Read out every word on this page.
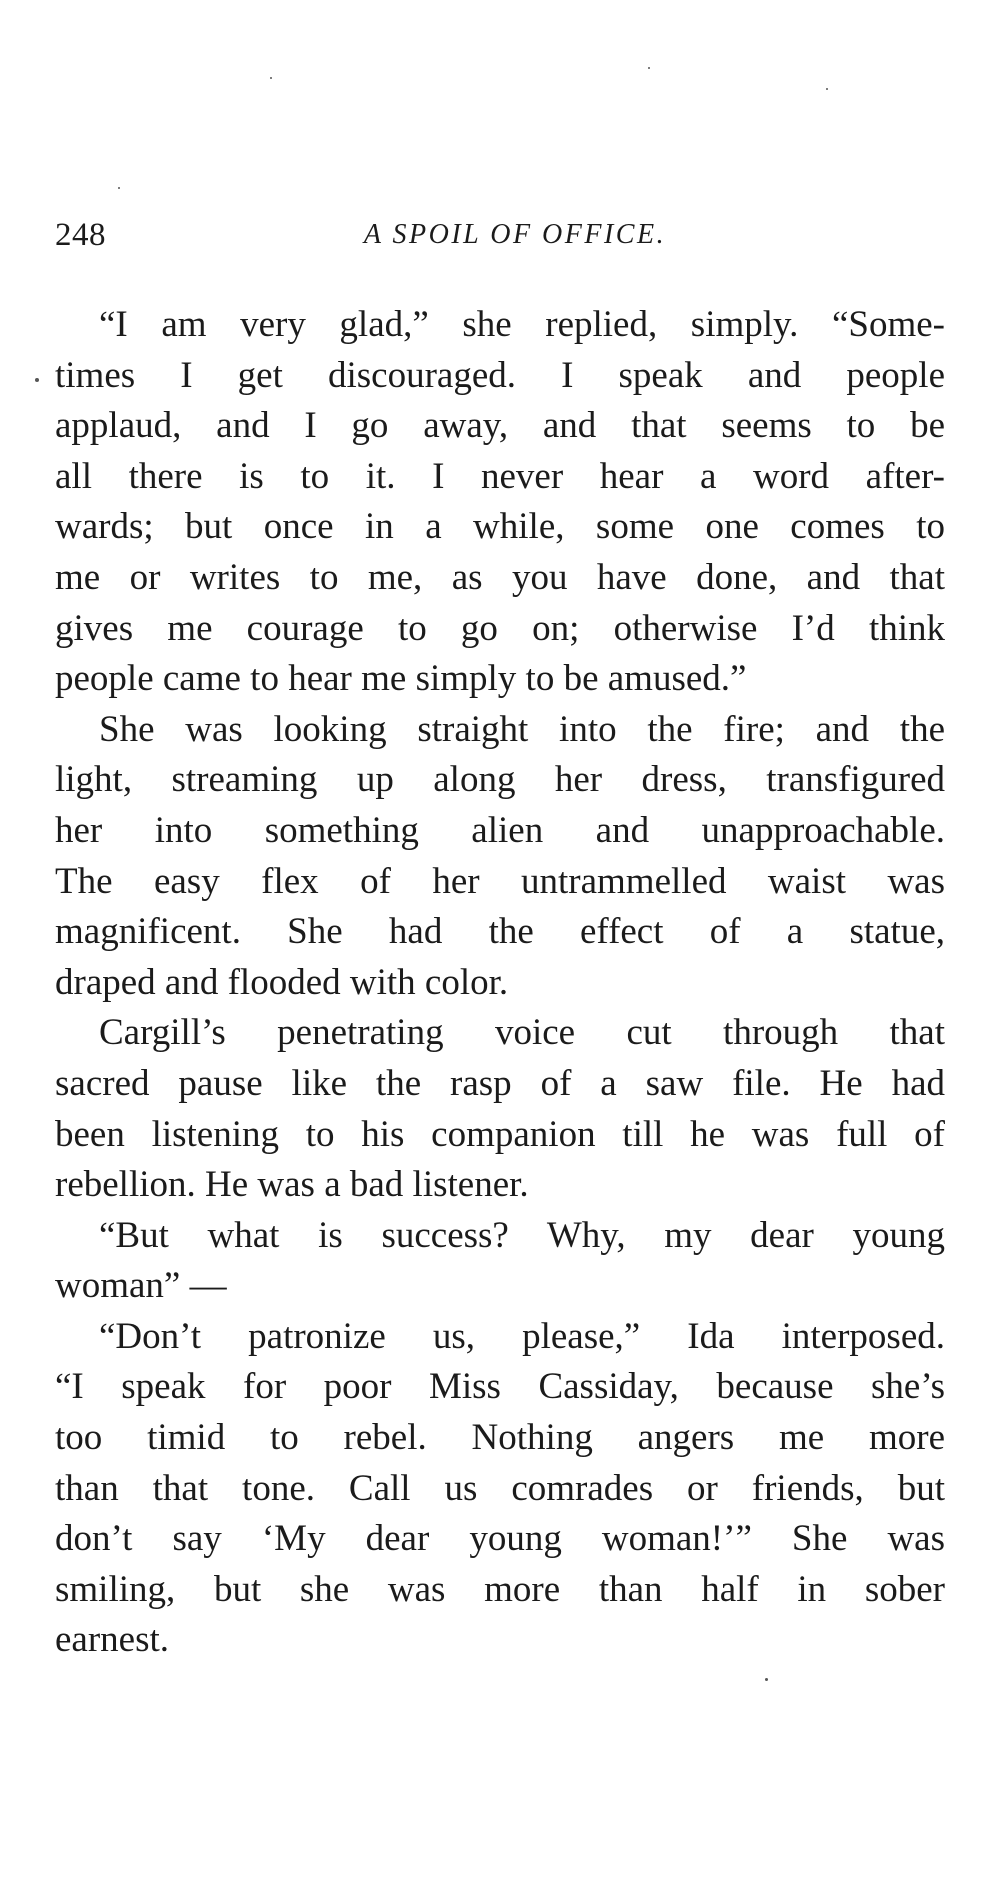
248	A SPOIL OF OFFICE.

“I am very glad,” she replied, simply. “Some-
times I get discouraged. I speak and people
applaud, and I go away, and that seems to be
all there is to it. I never hear a word after-
wards; but once in a while, some one comes to
me or writes to me, as you have done, and that
gives me courage to go on; otherwise I’d think
people came to hear me simply to be amused.”

She was looking straight into the fire; and the
light, streaming up along her dress, transfigured
her into something alien and unapproachable.
The easy flex of her untrammelled waist was
magnificent. She had the effect of a statue,
draped and flooded with color.

Cargill’s penetrating voice cut through that
sacred pause like the rasp of a saw file. He had
been listening to his companion till he was full of
rebellion. He was a bad listener.

“But what is success? Why, my dear young
woman” —

“Don’t patronize us, please,” Ida interposed.
“I speak for poor Miss Cassiday, because she’s
too timid to rebel. Nothing angers me more
than that tone. Call us comrades or friends, but
don’t say ‘My dear young woman!’” She was
smiling, but she was more than half in sober
earnest.
